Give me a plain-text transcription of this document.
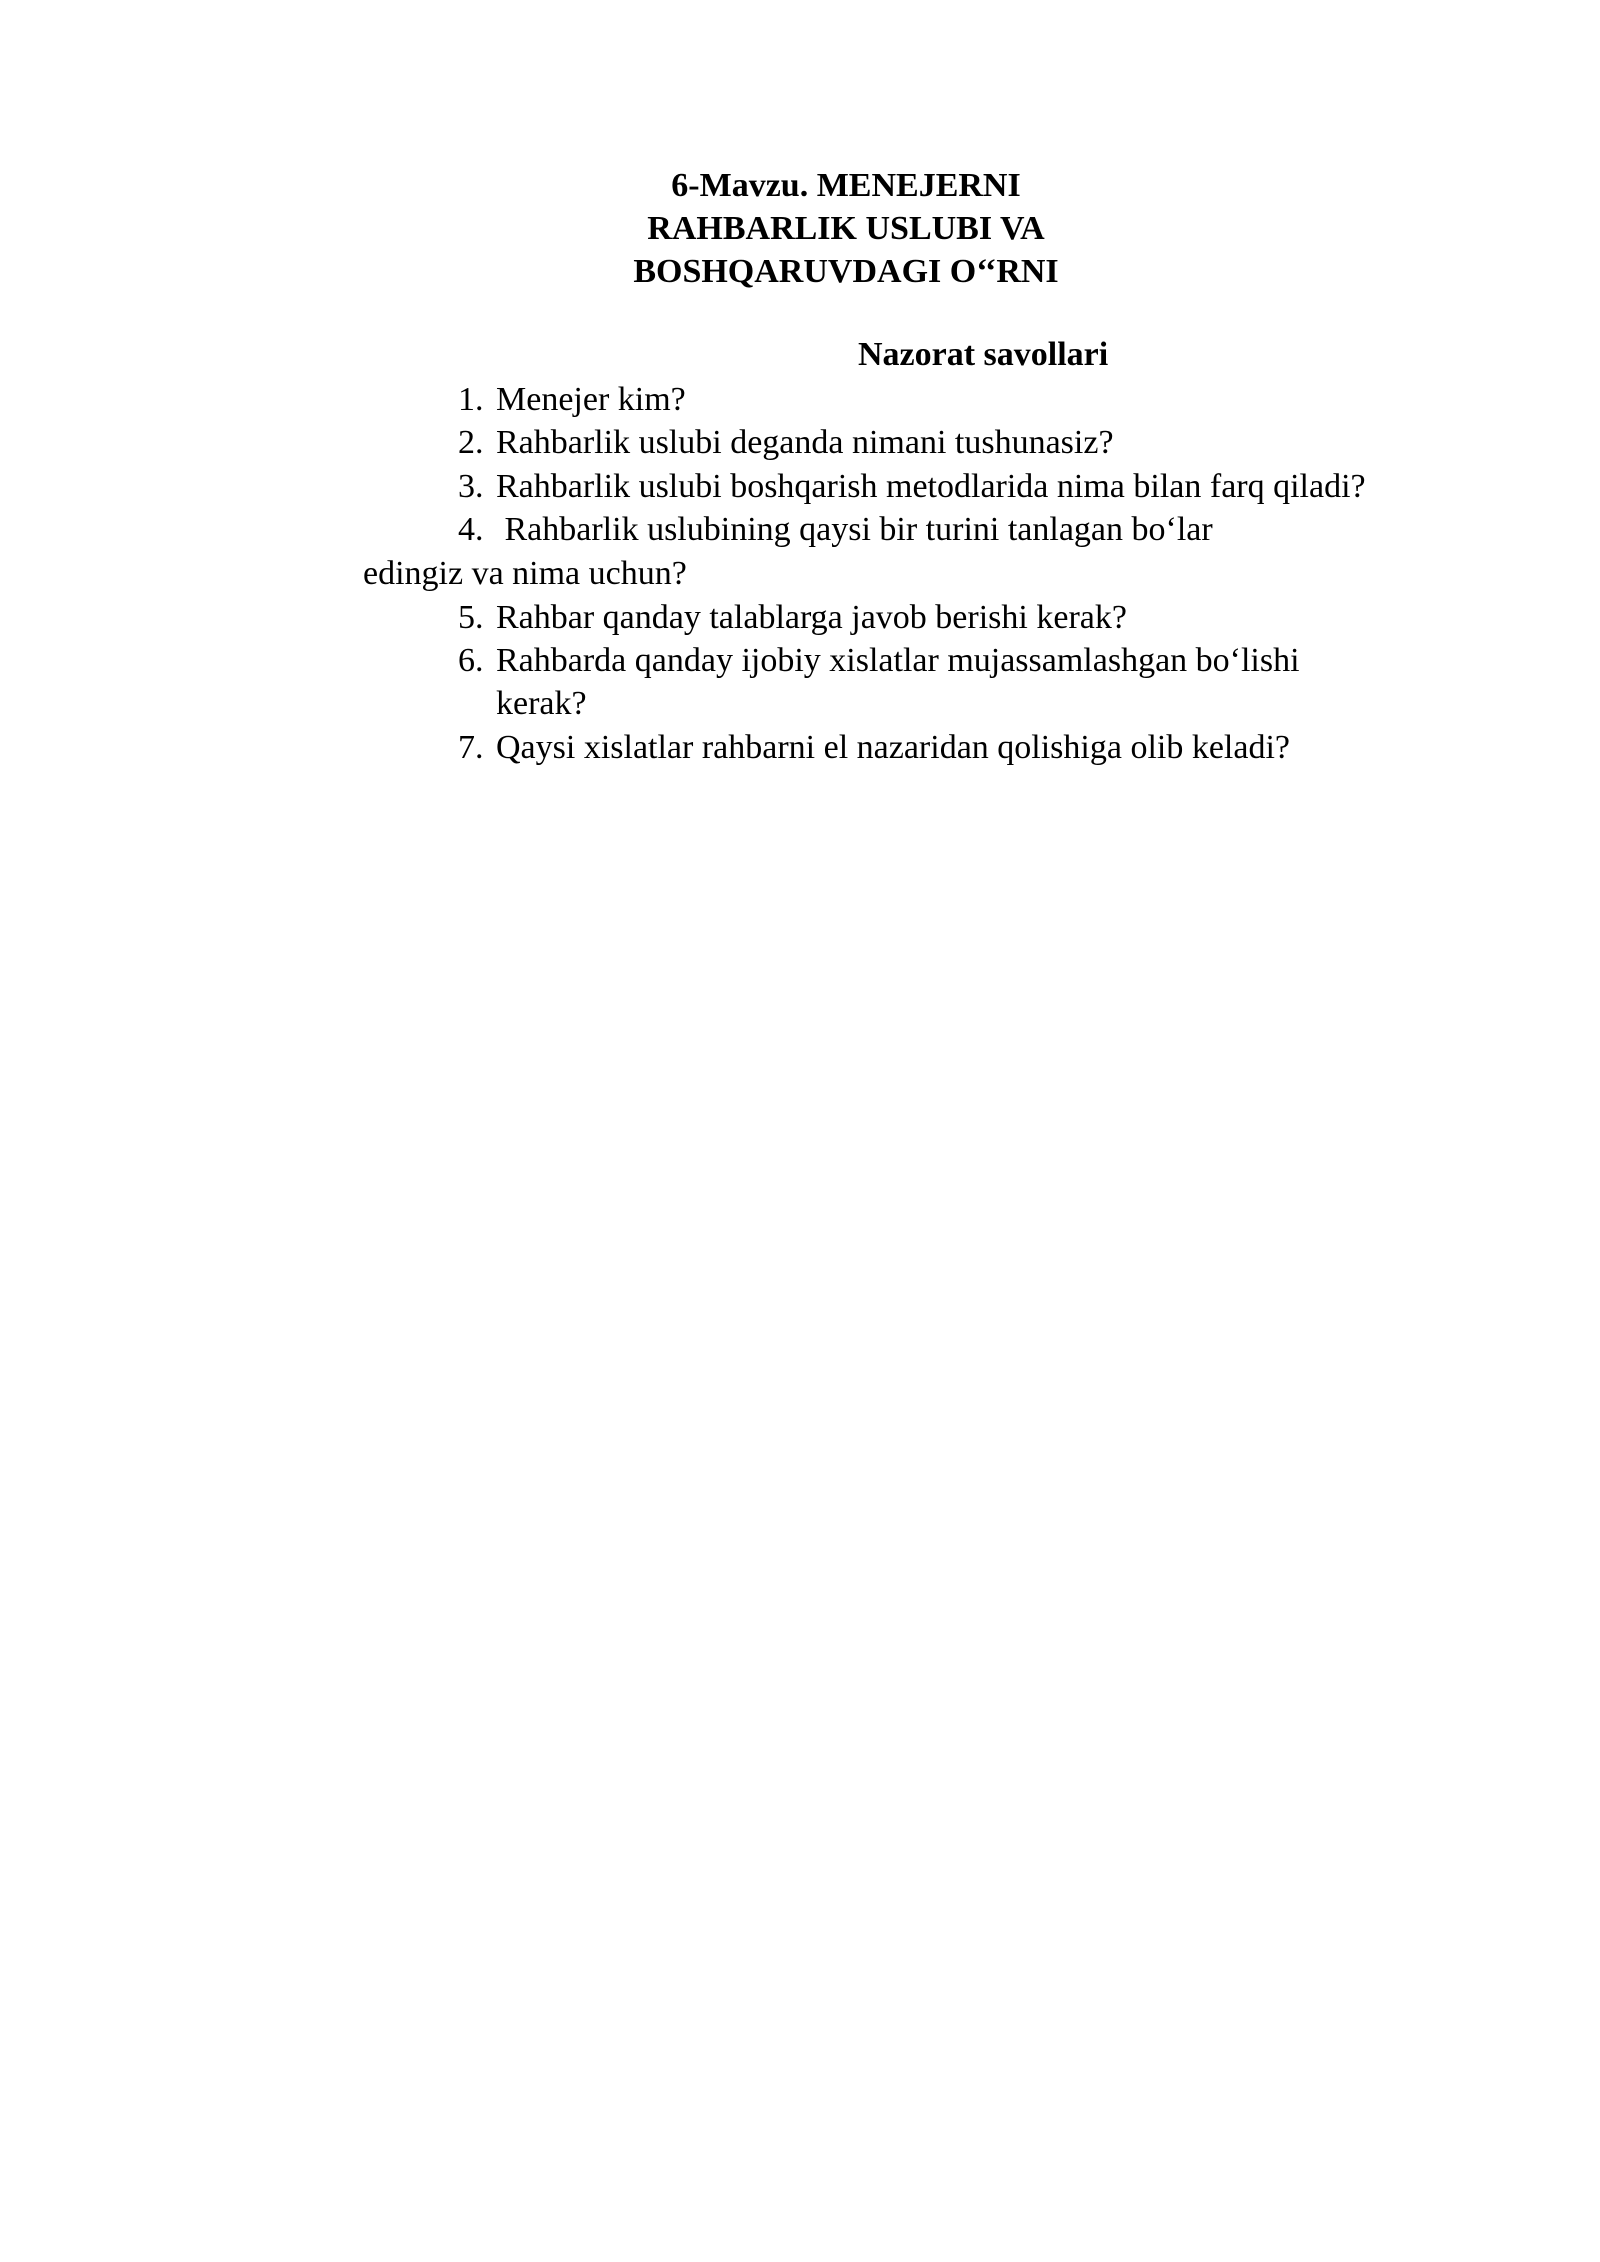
6-Mavzu. MENEJERNI
RAHBARLIK USLUBI VA
BOSHQARUVDAGI O‘‘RNI
Nazorat savollari
1. Menejer kim?
2. Rahbarlik uslubi deganda nimani tushunasiz?
3. Rahbarlik uslubi boshqarish metodlarida nima bilan farq qiladi?
4. Rahbarlik uslubining qaysi bir turini tanlagan bo‘lar
edingiz va nima uchun?
5. Rahbar qanday talablarga javob berishi kerak?
6. Rahbarda qanday ijobiy xislatlar mujassamlashgan bo‘lishi
kerak?
7. Qaysi xislatlar rahbarni el nazaridan qolishiga olib keladi?
